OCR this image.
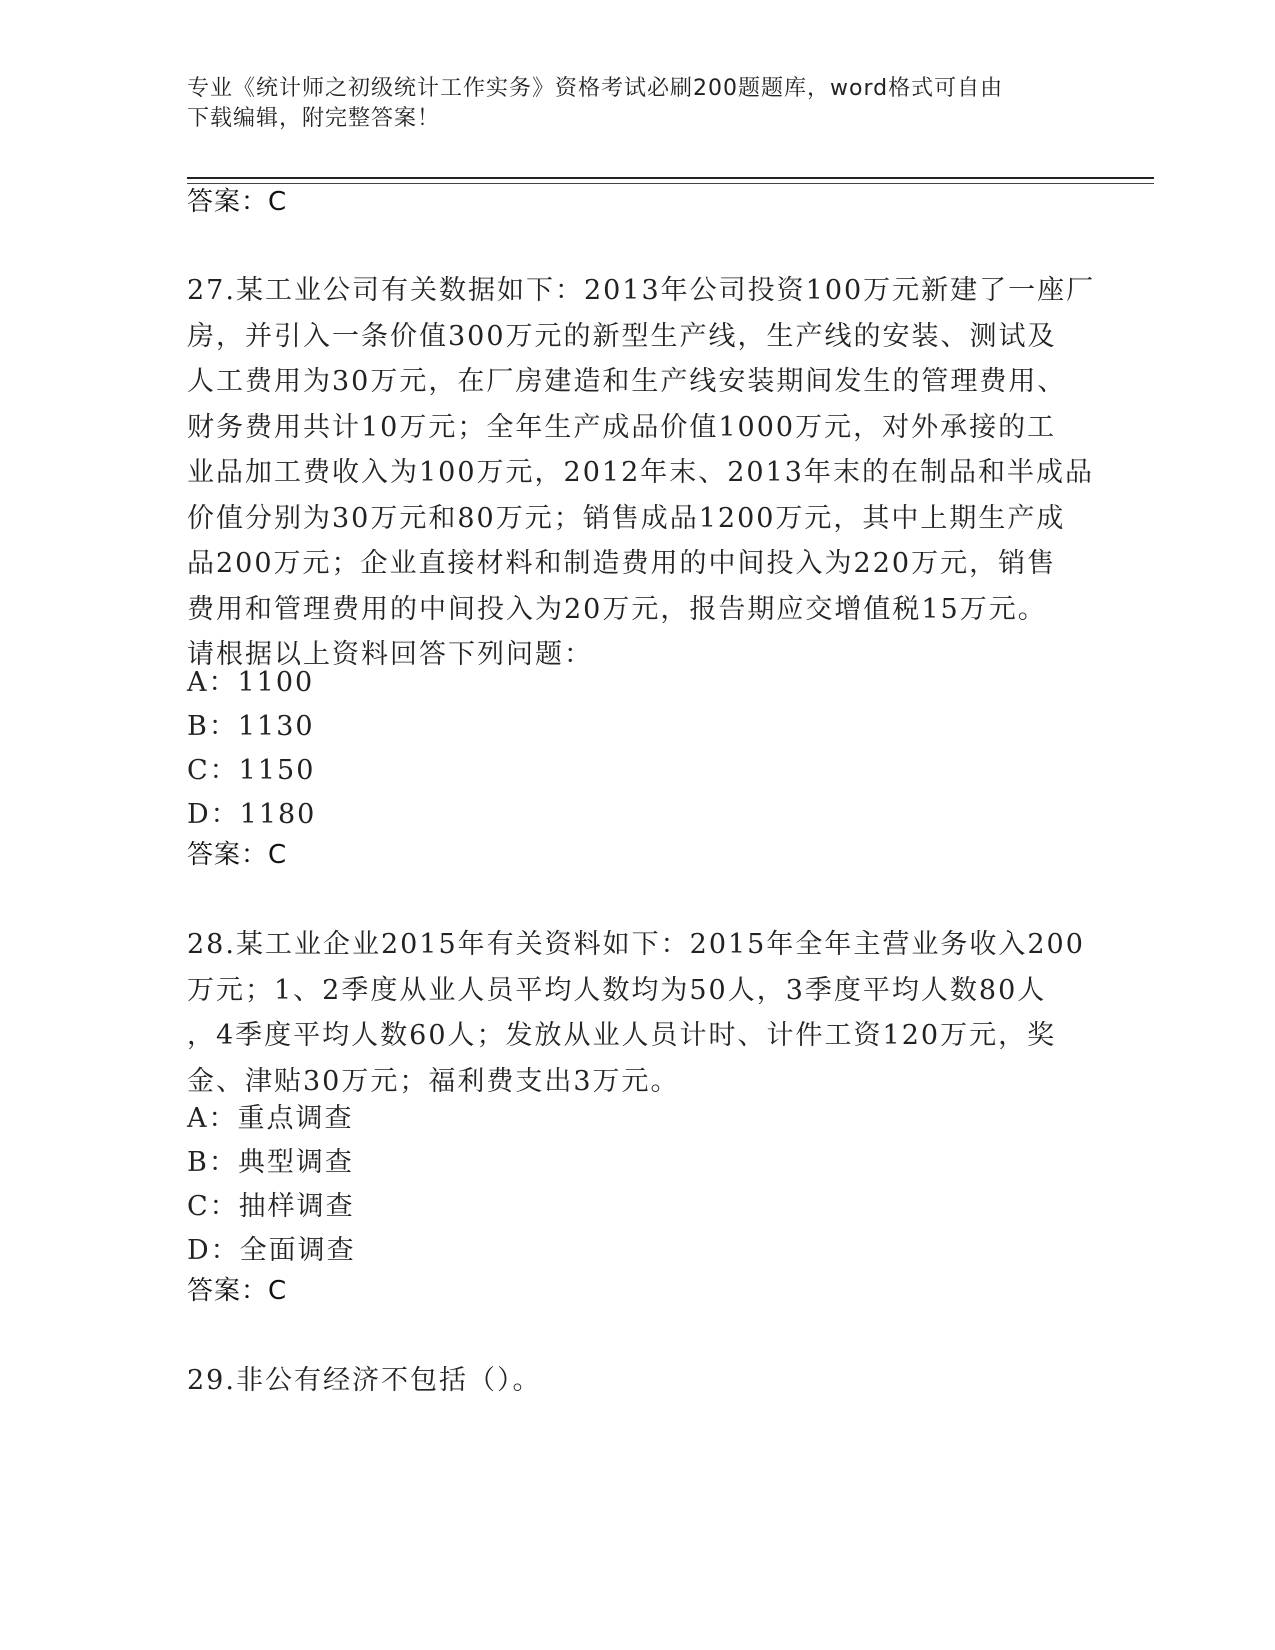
专业《统计师之初级统计工作实务》资格考试必刷200题题库，word格式可自由
下载编辑，附完整答案！
答案：C
27.某工业公司有关数据如下：2013年公司投资100万元新建了一座厂
房，并引入一条价值300万元的新型生产线，生产线的安装、测试及
人工费用为30万元，在厂房建造和生产线安装期间发生的管理费用、
财务费用共计10万元；全年生产成品价值1000万元，对外承接的工
业品加工费收入为100万元，2012年末、2013年末的在制品和半成品
价值分别为30万元和80万元；销售成品1200万元，其中上期生产成
品200万元；企业直接材料和制造费用的中间投入为220万元，销售
费用和管理费用的中间投入为20万元，报告期应交增值税15万元。
请根据以上资料回答下列问题：
A：1100
B：1130
C：1150
D：1180
答案：C
28.某工业企业2015年有关资料如下：2015年全年主营业务收入200
万元；1、2季度从业人员平均人数均为50人，3季度平均人数80人
，4季度平均人数60人；发放从业人员计时、计件工资120万元，奖
金、津贴30万元；福利费支出3万元。
A：重点调查
B：典型调查
C：抽样调查
D：全面调查
答案：C
29.非公有经济不包括（）。
